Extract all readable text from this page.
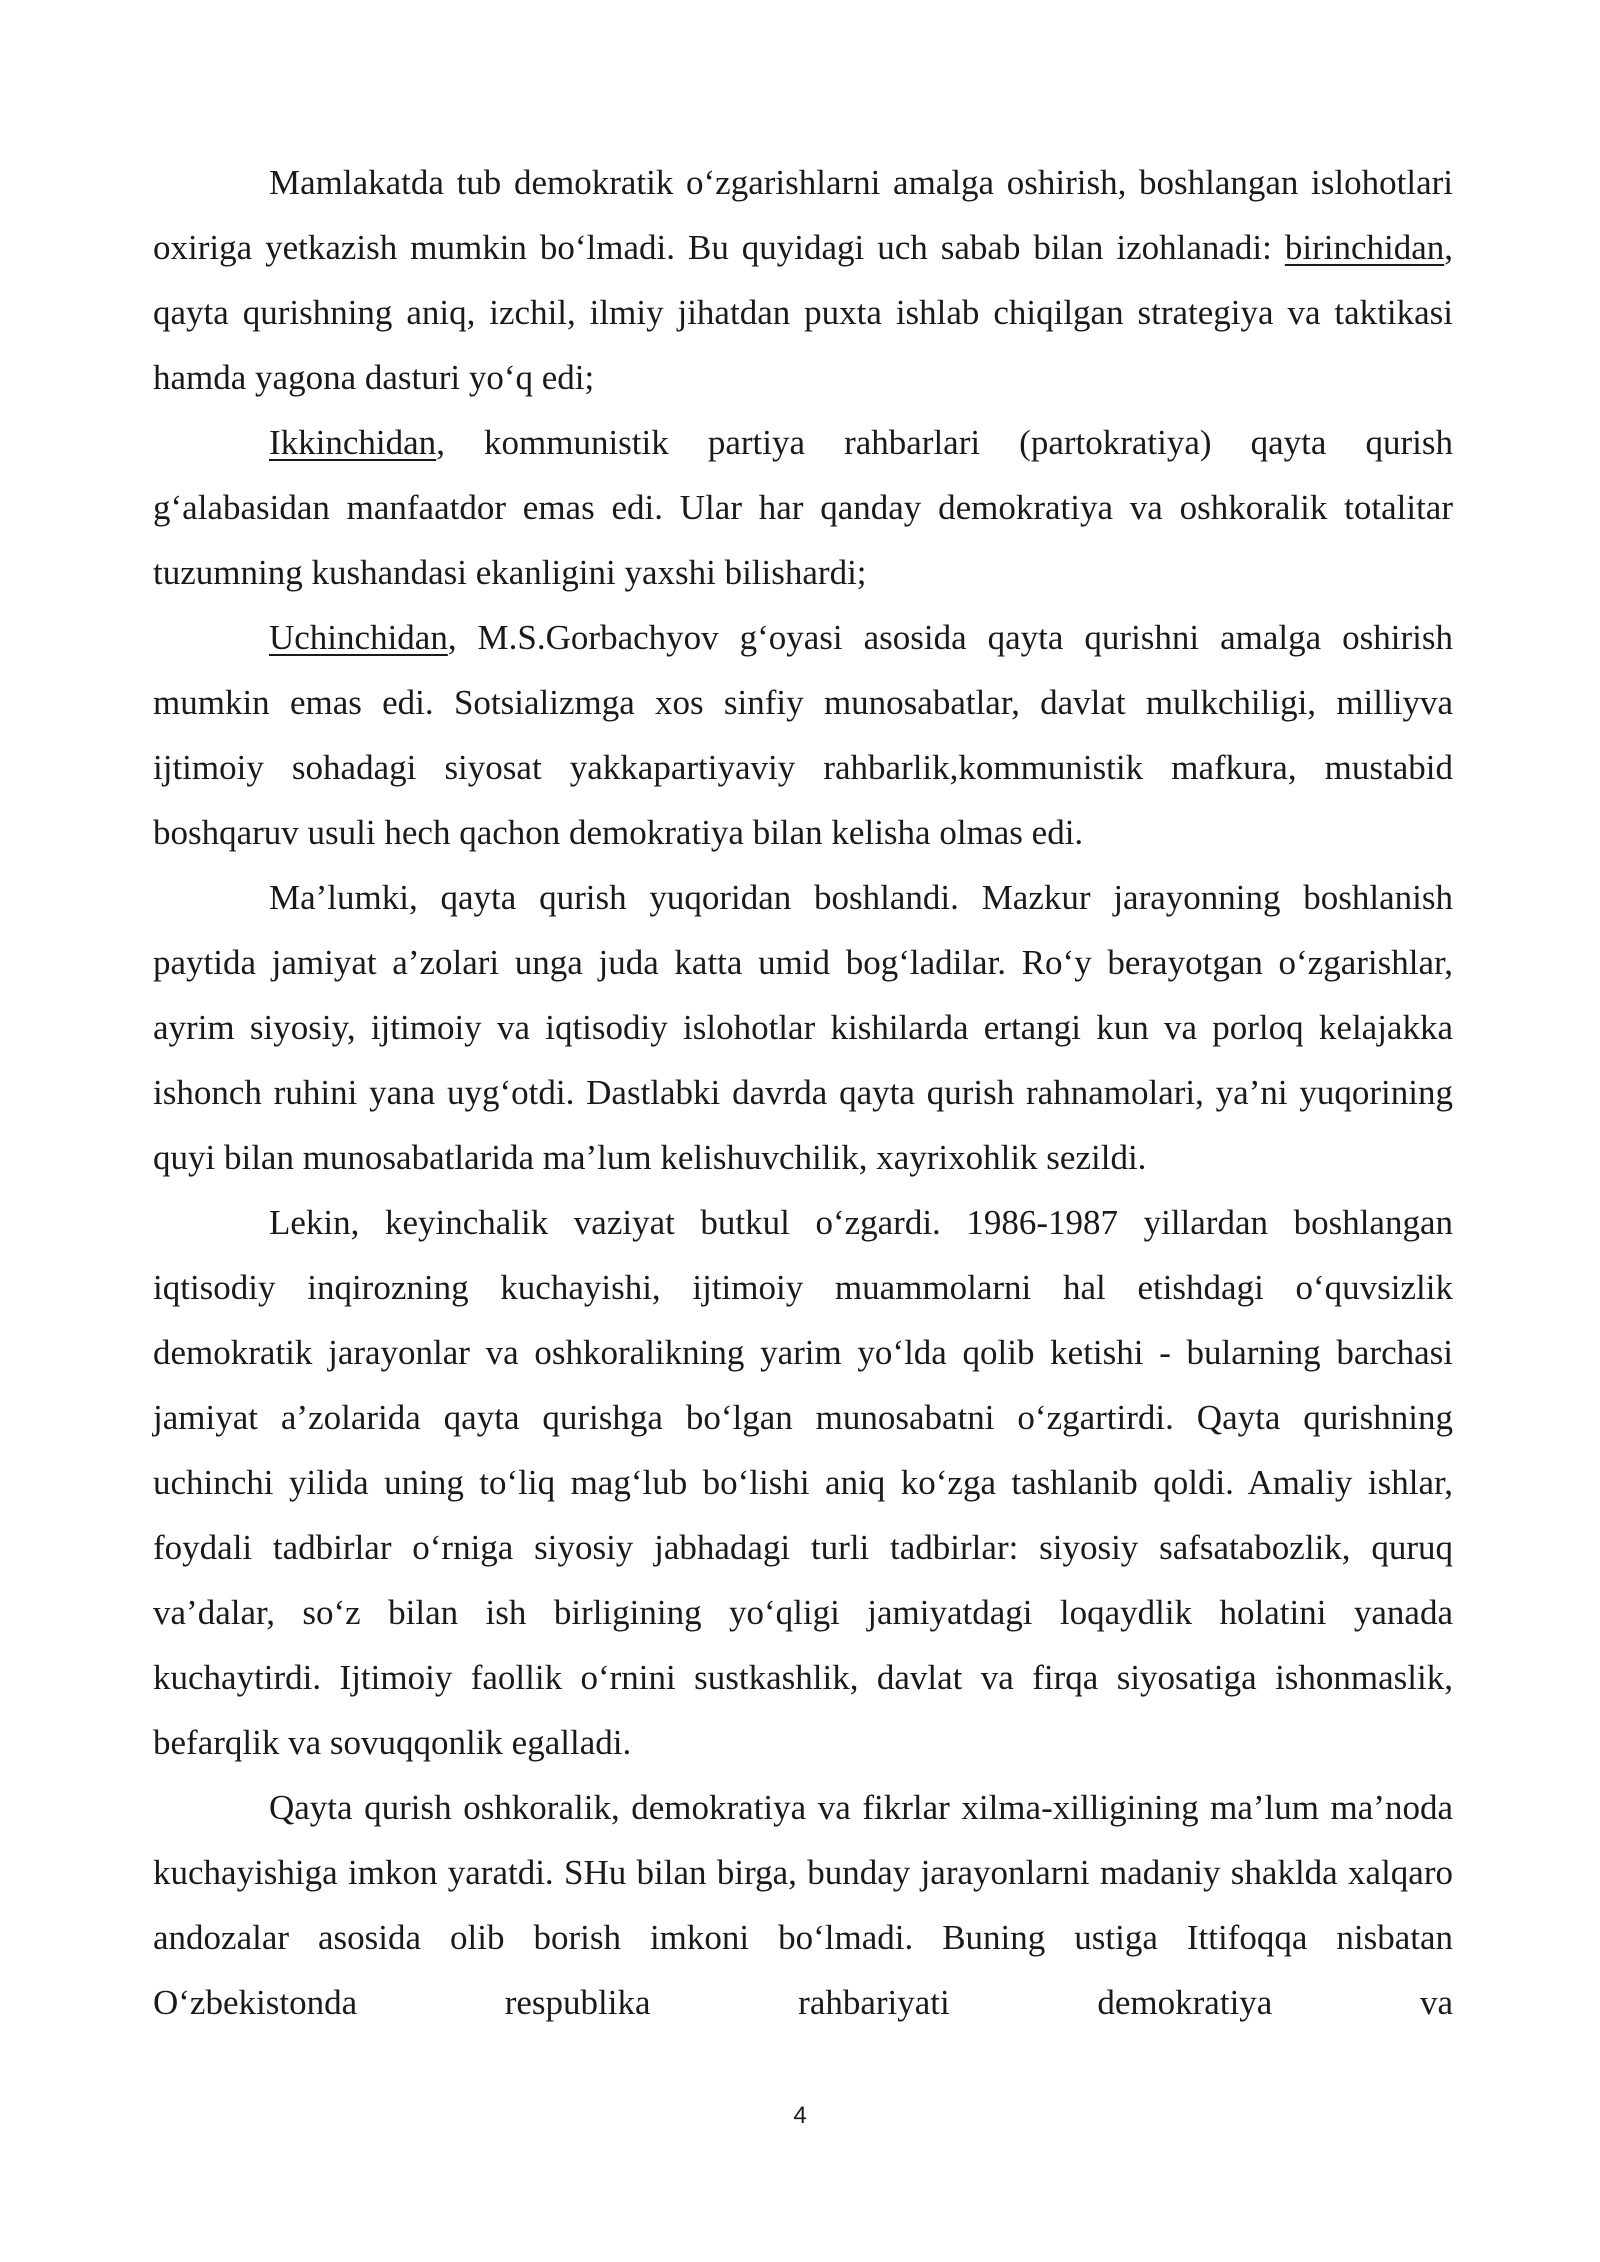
Mamlakatda tub demokratik o‘zgarishlarni amalga oshirish, boshlangan islohotlari oxiriga yetkazish mumkin bo‘lmadi. Bu quyidagi uch sabab bilan izohlanadi: birinchidan, qayta qurishning aniq, izchil, ilmiy jihatdan puxta ishlab chiqilgan strategiya va taktikasi hamda yagona dasturi yo‘q edi;

Ikkinchidan, kommunistik partiya rahbarlari (partokratiya) qayta qurish g‘alabasidan manfaatdor emas edi. Ular har qanday demokratiya va oshkoralik totalitar tuzumning kushandasi ekanligini yaxshi bilishardi;

Uchinchidan, M.S.Gorbachyov g‘oyasi asosida qayta qurishni amalga oshirish mumkin emas edi. Sotsializmga xos sinfiy munosabatlar, davlat mulkchiligi, milliyva ijtimoiy sohadagi siyosat yakkapartiyaviy rahbarlik,kommunistik mafkura, mustabid boshqaruv usuli hech qachon demokratiya bilan kelisha olmas edi.

Ma’lumki, qayta qurish yuqoridan boshlandi. Mazkur jarayonning boshlanish paytida jamiyat a’zolari unga juda katta umid bog‘ladilar. Ro‘y berayotgan o‘zgarishlar, ayrim siyosiy, ijtimoiy va iqtisodiy islohotlar kishilarda ertangi kun va porloq kelajakka ishonch ruhini yana uyg‘otdi. Dastlabki davrda qayta qurish rahnamolari, ya’ni yuqorining quyi bilan munosabatlarida ma’lum kelishuvchilik, xayrixohlik sezildi.

Lekin, keyinchalik vaziyat butkul o‘zgardi. 1986-1987 yillardan boshlangan iqtisodiy inqirozning kuchayishi, ijtimoiy muammolarni hal etishdagi o‘quvsizlik demokratik jarayonlar va oshkoralikning yarim yo‘lda qolib ketishi - bularning barchasi jamiyat a’zolarida qayta qurishga bo‘lgan munosabatni o‘zgartirdi. Qayta qurishning uchinchi yilida uning to‘liq mag‘lub bo‘lishi aniq ko‘zga tashlanib qoldi. Amaliy ishlar, foydali tadbirlar o‘rniga siyosiy jabhadagi turli tadbirlar: siyosiy safsatabozlik, quruq va’dalar, so‘z bilan ish birligining yo‘qligi jamiyatdagi loqaydlik holatini yanada kuchaytirdi. Ijtimoiy faollik o‘rnini sustkashlik, davlat va firqa siyosatiga ishonmaslik, befarqlik va sovuqqonlik egalladi.

Qayta qurish oshkoralik, demokratiya va fikrlar xilma-xilligining ma’lum ma’noda kuchayishiga imkon yaratdi. SHu bilan birga, bunday jarayonlarni madaniy shaklda xalqaro andozalar asosida olib borish imkoni bo‘lmadi. Buning ustiga Ittifoqqa nisbatan O‘zbekistonda respublika rahbariyati demokratiya va

4
